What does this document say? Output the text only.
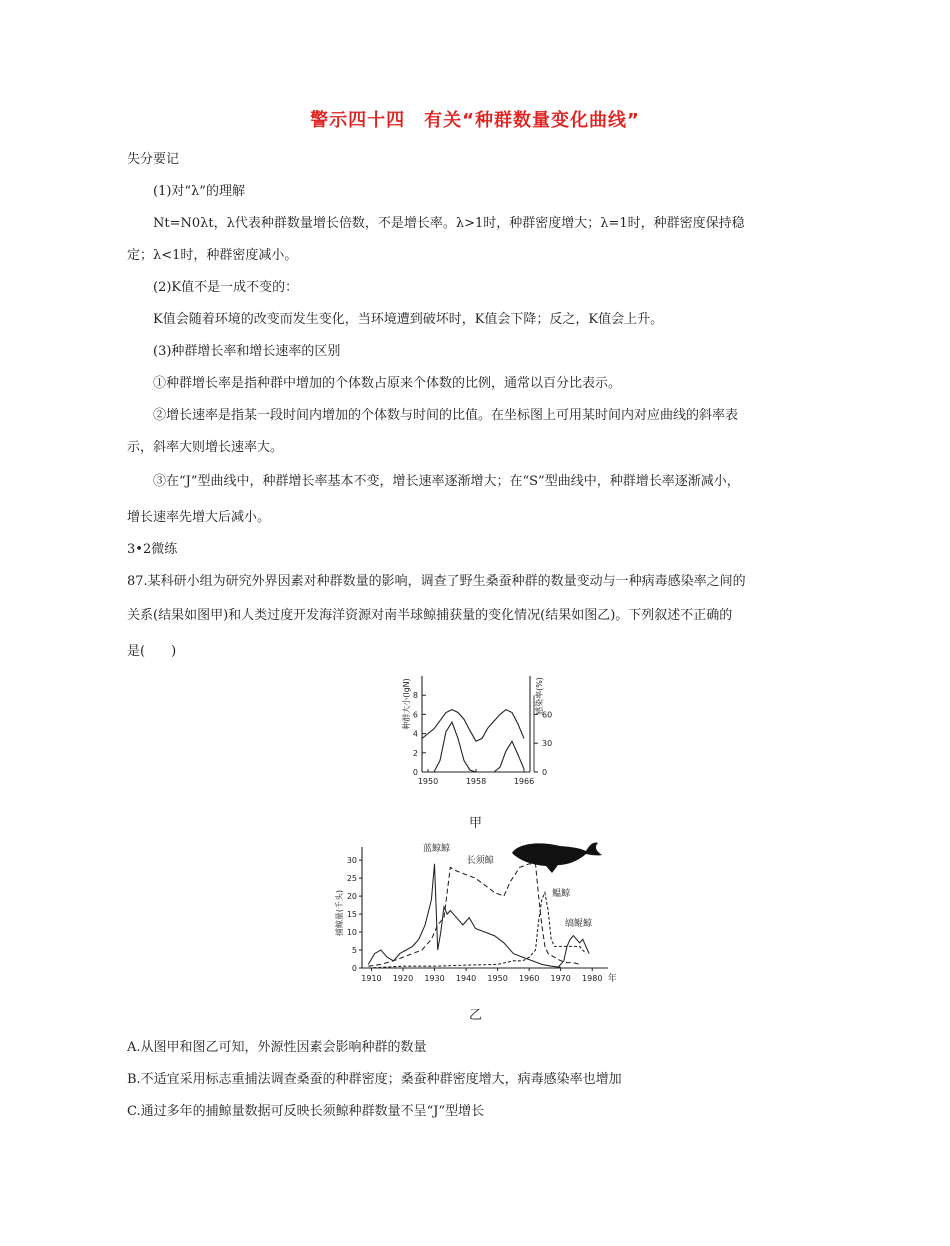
警示四十四　有关“种群数量变化曲线”
失分要记
(1)对“λ”的理解
Nt=N0λt，λ代表种群数量增长倍数，不是增长率。λ>1时，种群密度增大；λ=1时，种群密度保持稳
定；λ<1时，种群密度减小。
(2)K值不是一成不变的：
K值会随着环境的改变而发生变化，当环境遭到破坏时，K值会下降；反之，K值会上升。
(3)种群增长率和增长速率的区别
①种群增长率是指种群中增加的个体数占原来个体数的比例，通常以百分比表示。
②增长速率是指某一段时间内增加的个体数与时间的比值。在坐标图上可用某时间内对应曲线的斜率表
示，斜率大则增长速率大。
③在“J”型曲线中，种群增长率基本不变，增长速率逐渐增大；在“S”型曲线中，种群增长率逐渐减小，
增长速率先增大后减小。
3•2微练
87.某科研小组为研究外界因素对种群数量的影响，调查了野生桑蚕种群的数量变动与一种病毒感染率之间的
关系(结果如图甲)和人类过度开发海洋资源对南半球鲸捕获量的变化情况(结果如图乙)。下列叙述不正确的
是(　　)
0
2
4
6
8
0
30
60
1950	1958	1966
种群大小(lgN)	感染率(%)
甲
0
5
10
15
20
25
30
1910 1920 1930 1940 1950 1960 1970 1980 年
捕鲸量(千头)
蓝鲸鲸
长须鲸
鳁鲸
缟鲲鲸
乙
A.从图甲和图乙可知，外源性因素会影响种群的数量
B.不适宜采用标志重捕法调查桑蚕的种群密度；桑蚕种群密度增大，病毒感染率也增加
C.通过多年的捕鲸量数据可反映长须鲸种群数量不呈“J”型增长
